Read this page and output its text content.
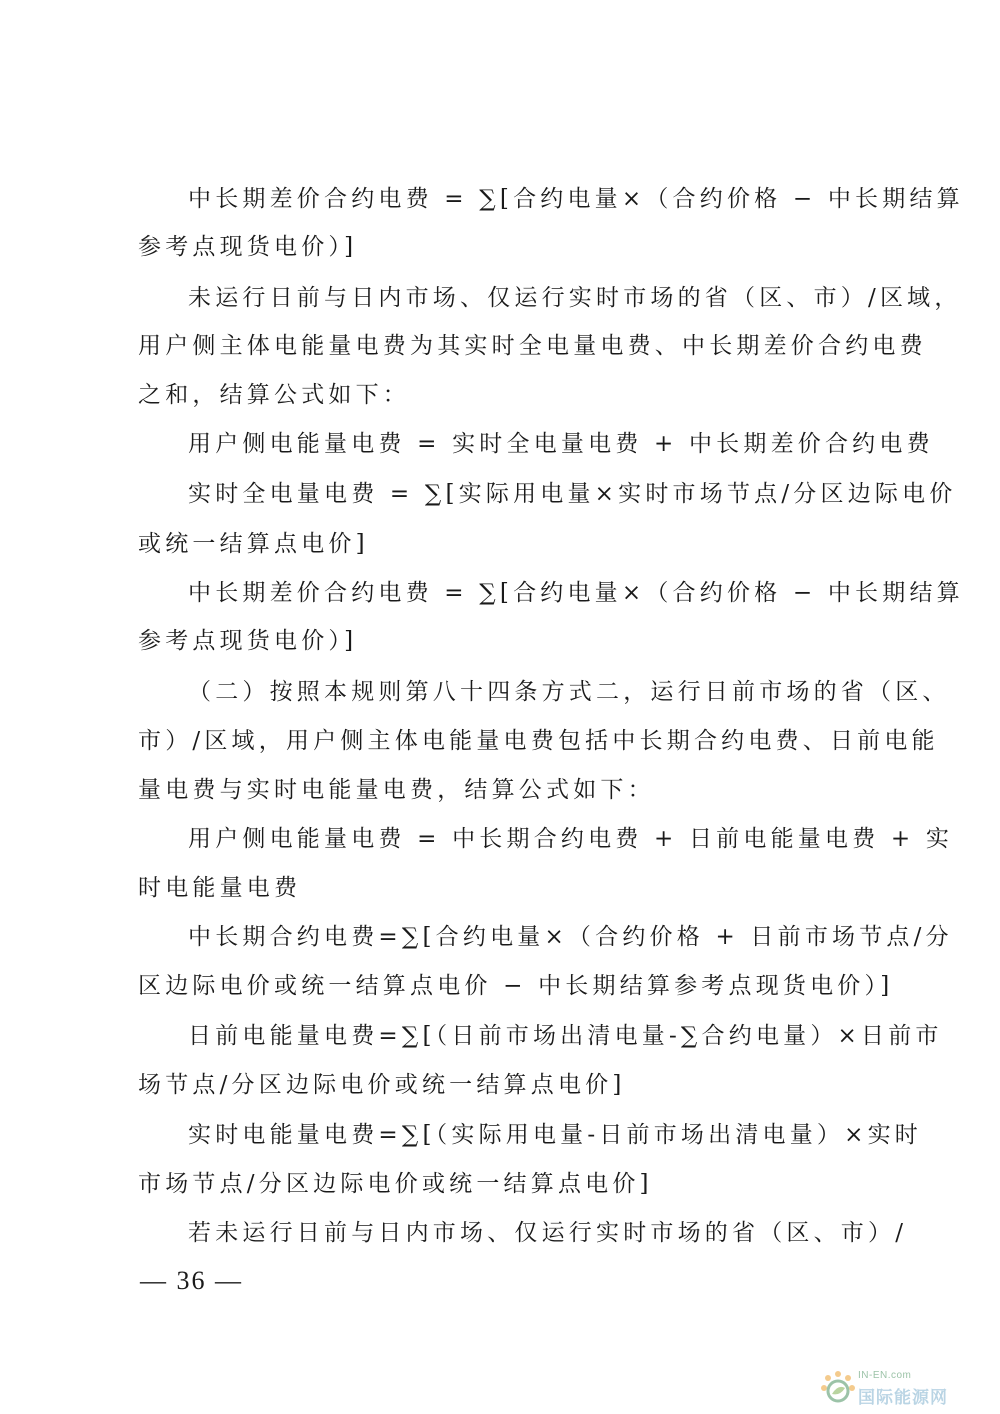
中长期差价合约电费 = ∑[合约电量×（合约价格 − 中长期结算
参考点现货电价）]
未运行日前与日内市场、仅运行实时市场的省（区、市）/区域，
用户侧主体电能量电费为其实时全电量电费、中长期差价合约电费
之和，结算公式如下：
用户侧电能量电费 = 实时全电量电费 + 中长期差价合约电费
实时全电量电费 = ∑[实际用电量×实时市场节点/分区边际电价
或统一结算点电价]
中长期差价合约电费 = ∑[合约电量×（合约价格 − 中长期结算
参考点现货电价）]
（二）按照本规则第八十四条方式二，运行日前市场的省（区、
市）/区域，用户侧主体电能量电费包括中长期合约电费、日前电能
量电费与实时电能量电费，结算公式如下：
用户侧电能量电费 = 中长期合约电费 + 日前电能量电费 + 实
时电能量电费
中长期合约电费=∑[合约电量×（合约价格 + 日前市场节点/分
区边际电价或统一结算点电价 − 中长期结算参考点现货电价）]
日前电能量电费=∑[（日前市场出清电量-∑合约电量）×日前市
场节点/分区边际电价或统一结算点电价]
实时电能量电费=∑[（实际用电量-日前市场出清电量）×实时
市场节点/分区边际电价或统一结算点电价]
若未运行日前与日内市场、仅运行实时市场的省（区、市）/
— 36 —
IN-EN.com
国际能源网
